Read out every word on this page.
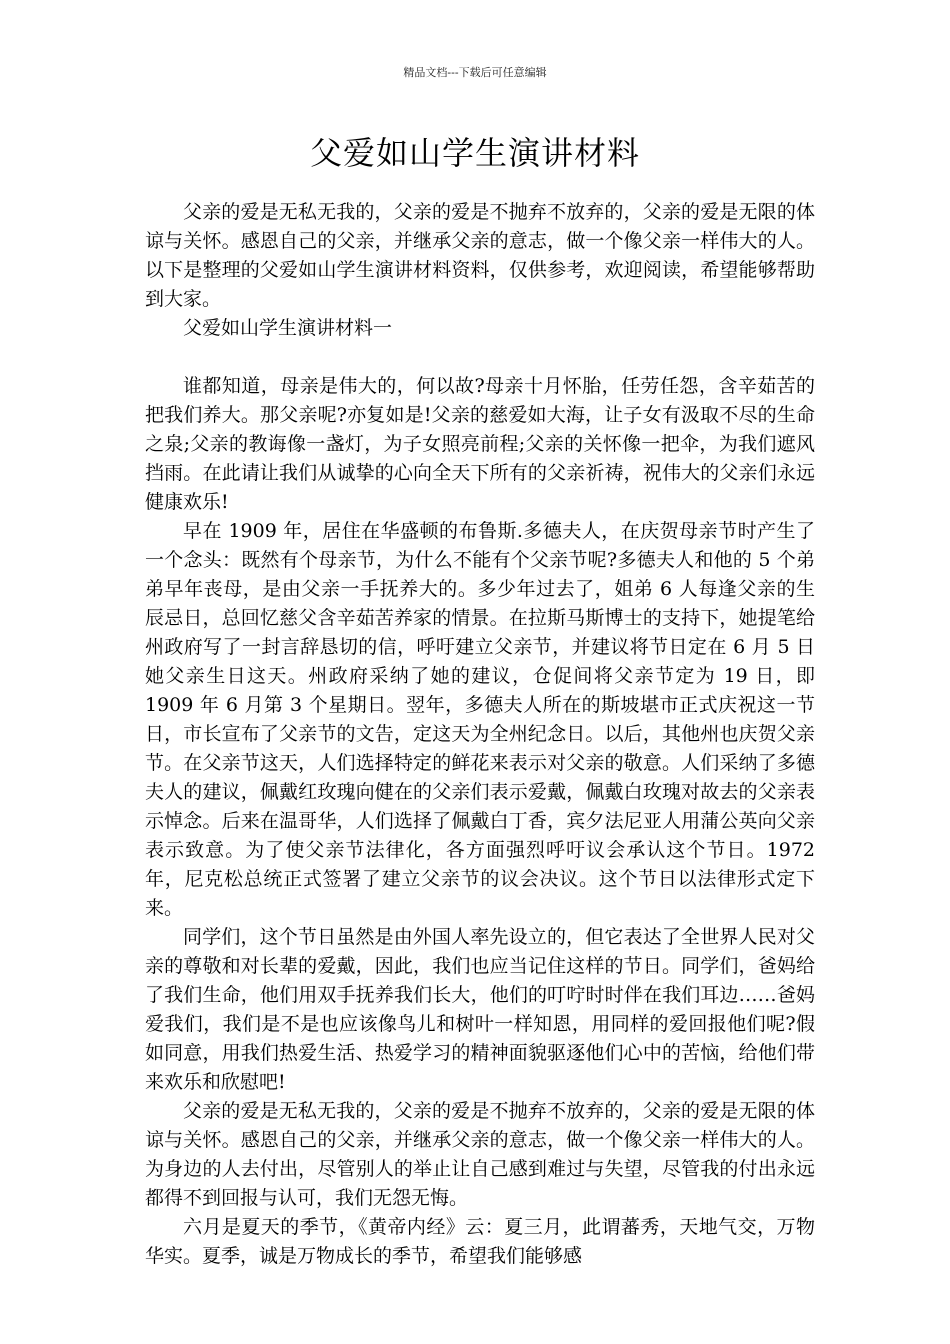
精品文档---下载后可任意编辑
父爱如山学生演讲材料

父亲的爱是无私无我的，父亲的爱是不抛弃不放弃的，父亲的爱是无限的体谅与关怀。感恩自己的父亲，并继承父亲的意志，做一个像父亲一样伟大的人。以下是整理的父爱如山学生演讲材料资料，仅供参考，欢迎阅读，希望能够帮助到大家。

父爱如山学生演讲材料一

谁都知道，母亲是伟大的，何以故?母亲十月怀胎，任劳任怨，含辛茹苦的把我们养大。那父亲呢?亦复如是!父亲的慈爱如大海，让子女有汲取不尽的生命之泉;父亲的教诲像一盏灯，为子女照亮前程;父亲的关怀像一把伞，为我们遮风挡雨。在此请让我们从诚挚的心向全天下所有的父亲祈祷，祝伟大的父亲们永远健康欢乐!

早在 1909 年，居住在华盛顿的布鲁斯.多德夫人，在庆贺母亲节时产生了一个念头：既然有个母亲节，为什么不能有个父亲节呢?多德夫人和他的 5 个弟弟早年丧母，是由父亲一手抚养大的。多少年过去了，姐弟 6 人每逢父亲的生辰忌日，总回忆慈父含辛茹苦养家的情景。在拉斯马斯博士的支持下，她提笔给州政府写了一封言辞恳切的信，呼吁建立父亲节，并建议将节日定在 6 月 5 日她父亲生日这天。州政府采纳了她的建议，仓促间将父亲节定为 19 日，即 1909 年 6 月第 3 个星期日。翌年，多德夫人所在的斯坡堪市正式庆祝这一节日，市长宣布了父亲节的文告，定这天为全州纪念日。以后，其他州也庆贺父亲节。在父亲节这天，人们选择特定的鲜花来表示对父亲的敬意。人们采纳了多德夫人的建议，佩戴红玫瑰向健在的父亲们表示爱戴，佩戴白玫瑰对故去的父亲表示悼念。后来在温哥华，人们选择了佩戴白丁香，宾夕法尼亚人用蒲公英向父亲表示致意。为了使父亲节法律化，各方面强烈呼吁议会承认这个节日。1972 年，尼克松总统正式签署了建立父亲节的议会决议。这个节日以法律形式定下来。

同学们，这个节日虽然是由外国人率先设立的，但它表达了全世界人民对父亲的尊敬和对长辈的爱戴，因此，我们也应当记住这样的节日。同学们，爸妈给了我们生命，他们用双手抚养我们长大，他们的叮咛时时伴在我们耳边……爸妈爱我们，我们是不是也应该像鸟儿和树叶一样知恩，用同样的爱回报他们呢?假如同意，用我们热爱生活、热爱学习的精神面貌驱逐他们心中的苦恼，给他们带来欢乐和欣慰吧!

父亲的爱是无私无我的，父亲的爱是不抛弃不放弃的，父亲的爱是无限的体谅与关怀。感恩自己的父亲，并继承父亲的意志，做一个像父亲一样伟大的人。为身边的人去付出，尽管别人的举止让自己感到难过与失望，尽管我的付出永远都得不到回报与认可，我们无怨无悔。

六月是夏天的季节，《黄帝内经》云：夏三月，此谓蕃秀，天地气交，万物华实。夏季，诚是万物成长的季节，希望我们能够感
